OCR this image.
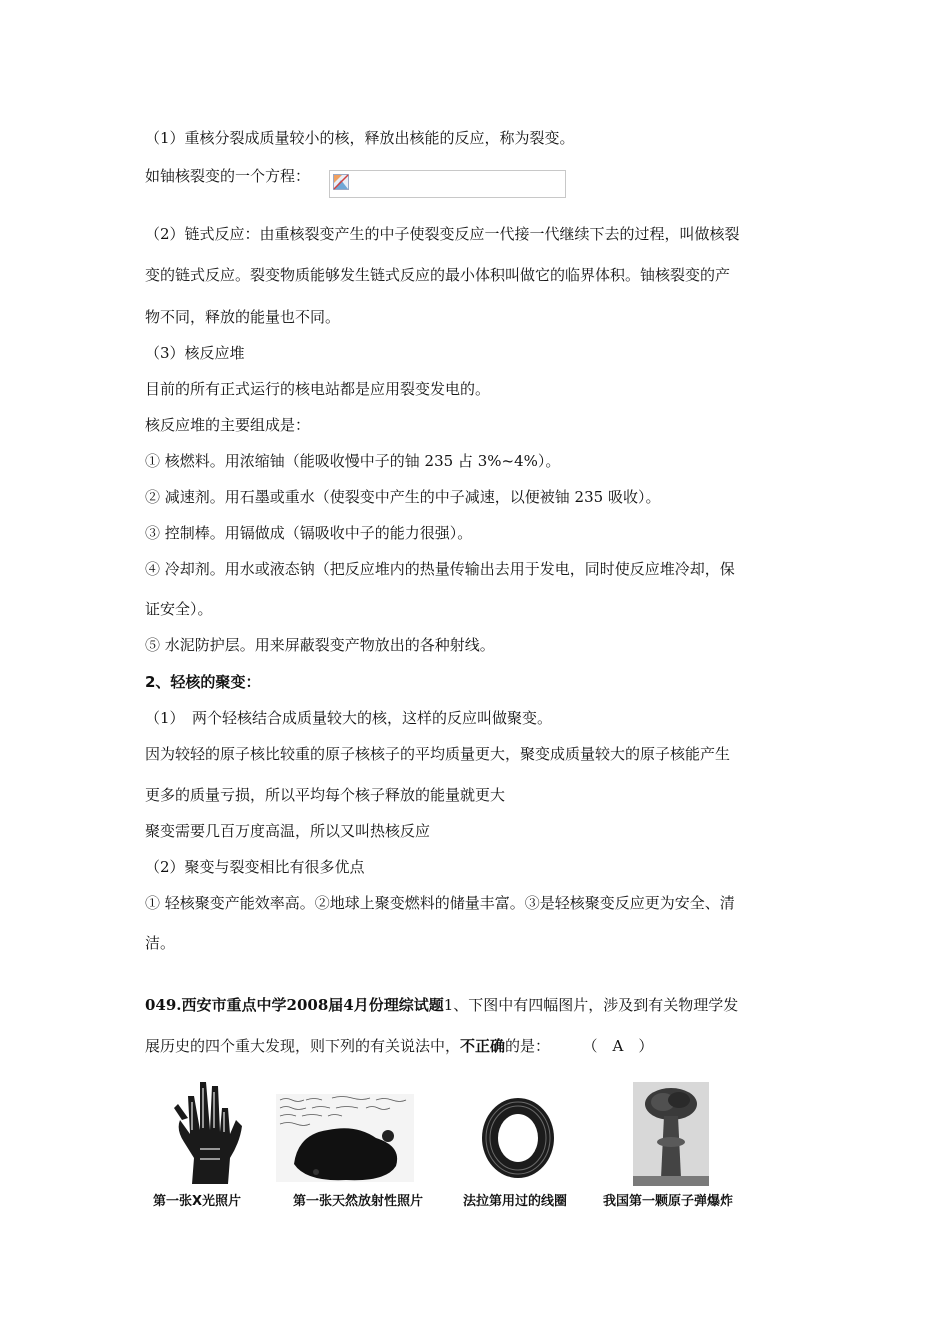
（1）重核分裂成质量较小的核，释放出核能的反应，称为裂变。
如铀核裂变的一个方程：
（2）链式反应：由重核裂变产生的中子使裂变反应一代接一代继续下去的过程，叫做核裂
变的链式反应。裂变物质能够发生链式反应的最小体积叫做它的临界体积。铀核裂变的产
物不同，释放的能量也不同。
（3）核反应堆
目前的所有正式运行的核电站都是应用裂变发电的。
核反应堆的主要组成是：
① 核燃料。用浓缩铀（能吸收慢中子的铀 235 占 3%~4%）。
② 减速剂。用石墨或重水（使裂变中产生的中子减速，以便被铀 235 吸收）。
③ 控制棒。用镉做成（镉吸收中子的能力很强）。
④ 冷却剂。用水或液态钠（把反应堆内的热量传输出去用于发电，同时使反应堆冷却，保
证安全）。
⑤ 水泥防护层。用来屏蔽裂变产物放出的各种射线。
2、轻核的聚变：
（1）　两个轻核结合成质量较大的核，这样的反应叫做聚变。
因为较轻的原子核比较重的原子核核子的平均质量更大，聚变成质量较大的原子核能产生
更多的质量亏损，所以平均每个核子释放的能量就更大
聚变需要几百万度高温，所以又叫热核反应
（2）聚变与裂变相比有很多优点
① 轻核聚变产能效率高。②地球上聚变燃料的储量丰富。③是轻核聚变反应更为安全、清
洁。
049.西安市重点中学2008届4月份理综试题1、下图中有四幅图片，涉及到有关物理学发
展历史的四个重大发现，则下列的有关说法中，不正确的是：	（　A　）
第一张X光照片	第一张天然放射性照片	法拉第用过的线圈	我国第一颗原子弹爆炸
